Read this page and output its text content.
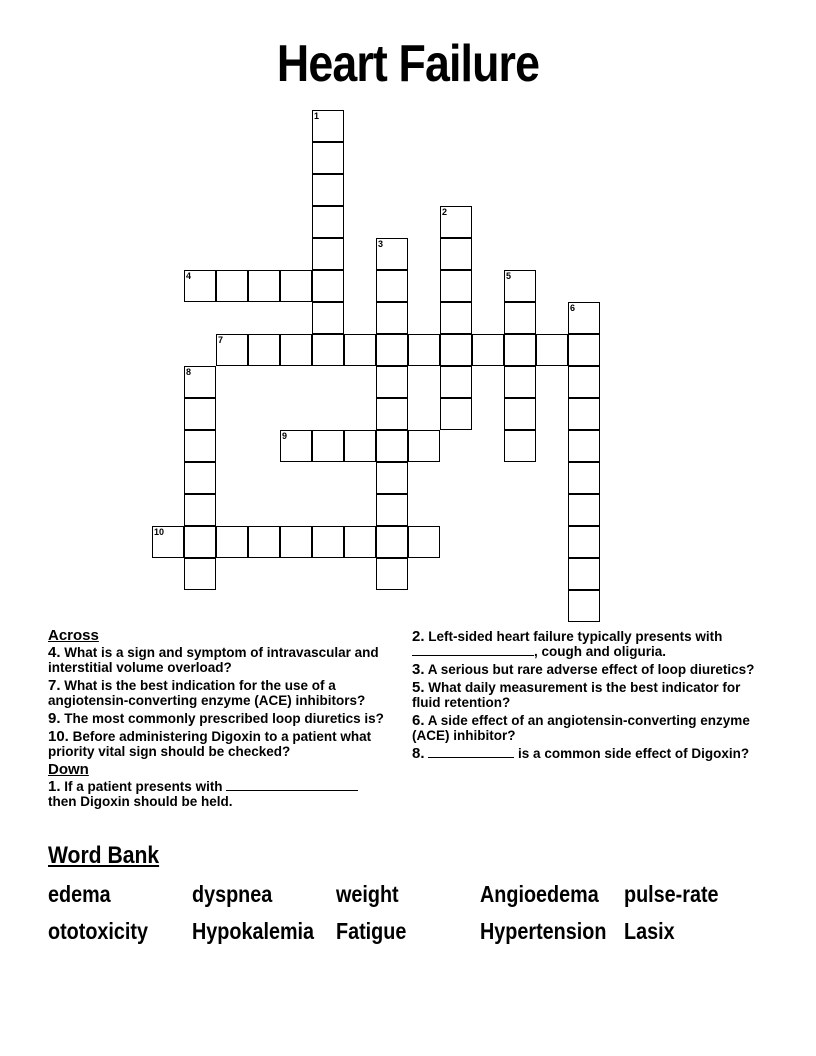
Heart Failure
1
2
3
4	5
6
7
8
9
10
Across
4. What is a sign and symptom of intravascular and interstitial volume overload?
7. What is the best indication for the use of a angiotensin-converting enzyme (ACE) inhibitors?
9. The most commonly prescribed loop diuretics is?
10. Before administering Digoxin to a patient what priority vital sign should be checked?
Down
1. If a patient presents with
then Digoxin should be held.
2. Left-sided heart failure typically presents with
, cough and oliguria.
3. A serious but rare adverse effect of loop diuretics?
5. What daily measurement is the best indicator for fluid retention?
6. A side effect of an angiotensin-converting enzyme (ACE) inhibitor?
8.	is a common side effect of Digoxin?
Word Bank
edema	dyspnea	weight	Angioedema pulse-rate
ototoxicity Hypokalemia Fatigue	Hypertension Lasix
